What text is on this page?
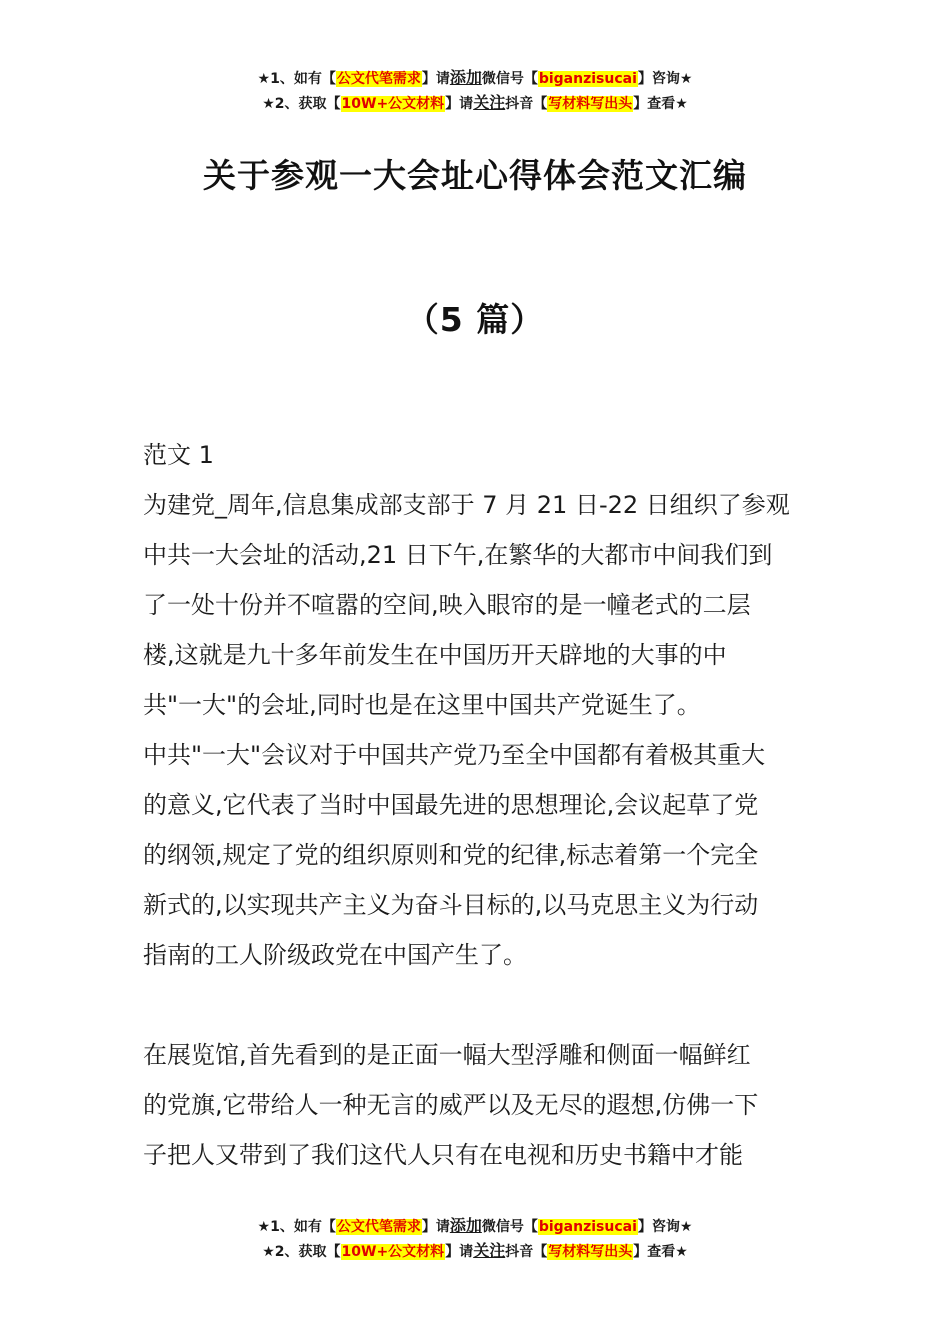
★1、如有【公文代笔需求】请添加微信号【biganzisucai】咨询★
★2、获取【10W+公文材料】请关注抖音【写材料写出头】查看★
关于参观一大会址心得体会范文汇编
（5 篇）

范文 1

为建党_周年,信息集成部支部于 7 月 21 日-22 日组织了参观

中共一大会址的活动,21 日下午,在繁华的大都市中间我们到

了一处十份并不喧嚣的空间,映入眼帘的是一幢老式的二层

楼,这就是九十多年前发生在中国历开天辟地的大事的中

共"一大"的会址,同时也是在这里中国共产党诞生了。

中共"一大"会议对于中国共产党乃至全中国都有着极其重大

的意义,它代表了当时中国最先进的思想理论,会议起草了党

的纲领,规定了党的组织原则和党的纪律,标志着第一个完全

新式的,以实现共产主义为奋斗目标的,以马克思主义为行动

指南的工人阶级政党在中国产生了。

在展览馆,首先看到的是正面一幅大型浮雕和侧面一幅鲜红

的党旗,它带给人一种无言的威严以及无尽的遐想,仿佛一下

子把人又带到了我们这代人只有在电视和历史书籍中才能

★1、如有【公文代笔需求】请添加微信号【biganzisucai】咨询★
★2、获取【10W+公文材料】请关注抖音【写材料写出头】查看★
